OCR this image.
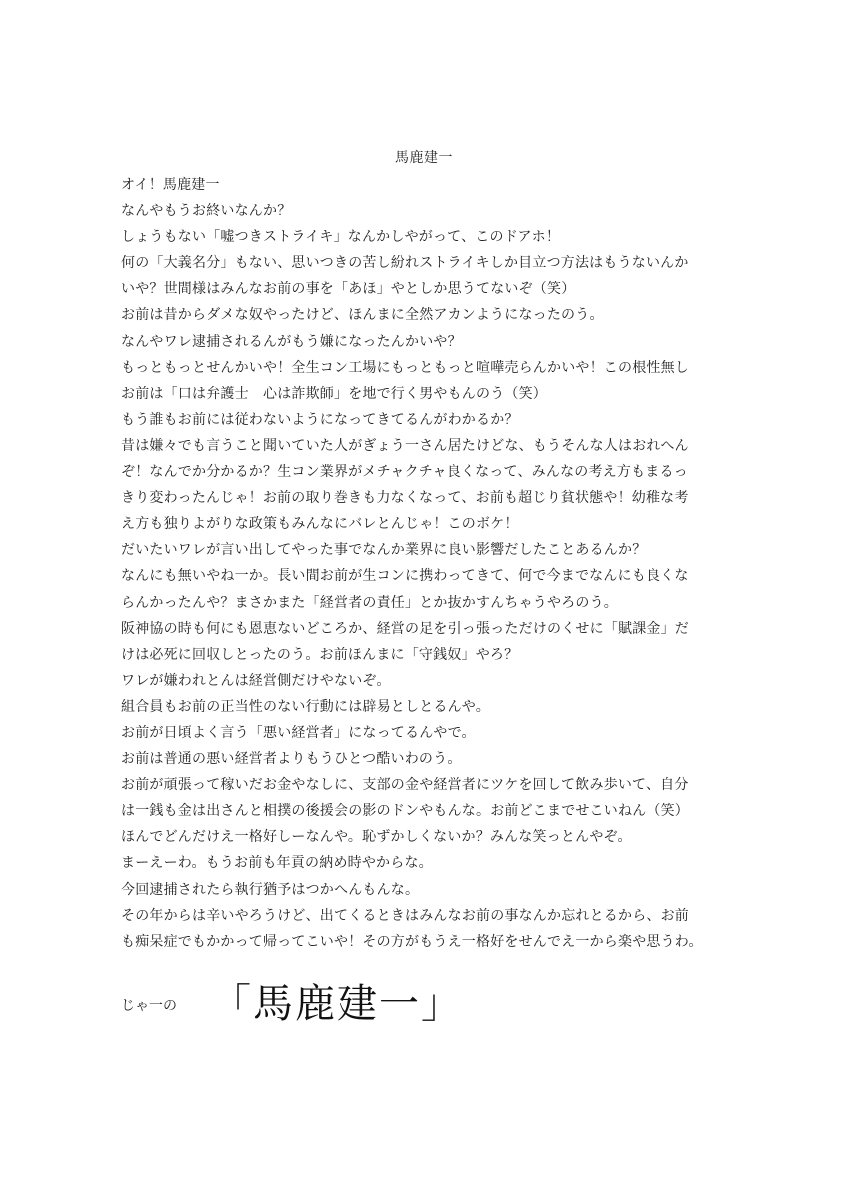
馬鹿建一
オイ！馬鹿建一
なんやもうお終いなんか？
しょうもない「嘘つきストライキ」なんかしやがって、このドアホ！
何の「大義名分」もない、思いつきの苦し紛れストライキしか目立つ方法はもうないんか
いや？世間様はみんなお前の事を「あほ」やとしか思うてないぞ（笑）
お前は昔からダメな奴やったけど、ほんまに全然アカンようになったのう。
なんやワレ逮捕されるんがもう嫌になったんかいや？
もっともっとせんかいや！全生コン工場にもっともっと喧嘩売らんかいや！この根性無し
お前は「口は弁護士　心は詐欺師」を地で行く男やもんのう（笑）
もう誰もお前には従わないようになってきてるんがわかるか？
昔は嫌々でも言うこと聞いていた人がぎょう一さん居たけどな、もうそんな人はおれへん
ぞ！なんでか分かるか？生コン業界がメチャクチャ良くなって、みんなの考え方もまるっ
きり変わったんじゃ！お前の取り巻きも力なくなって、お前も超じり貧状態や！幼稚な考
え方も独りよがりな政策もみんなにバレとんじゃ！このボケ！
だいたいワレが言い出してやった事でなんか業界に良い影響だしたことあるんか？
なんにも無いやね一か。長い間お前が生コンに携わってきて、何で今までなんにも良くな
らんかったんや？まさかまた「経営者の責任」とか抜かすんちゃうやろのう。
阪神協の時も何にも恩恵ないどころか、経営の足を引っ張っただけのくせに「賦課金」だ
けは必死に回収しとったのう。お前ほんまに「守銭奴」やろ？
ワレが嫌われとんは経営側だけやないぞ。
組合員もお前の正当性のない行動には辟易としとるんや。
お前が日頃よく言う「悪い経営者」になってるんやで。
お前は普通の悪い経営者よりもうひとつ酷いわのう。
お前が頑張って稼いだお金やなしに、支部の金や経営者にツケを回して飲み歩いて、自分
は一銭も金は出さんと相撲の後援会の影のドンやもんな。お前どこまでせこいねん（笑）
ほんでどんだけえ一格好しーなんや。恥ずかしくないか？みんな笑っとんやぞ。
まーえーわ。もうお前も年貢の納め時やからな。
今回逮捕されたら執行猶予はつかへんもんな。
その年からは辛いやろうけど、出てくるときはみんなお前の事なんか忘れとるから、お前
も痴呆症でもかかって帰ってこいや！その方がもうえ一格好をせんでえ一から楽や思うわ。
じゃ一の 「馬鹿建一」
